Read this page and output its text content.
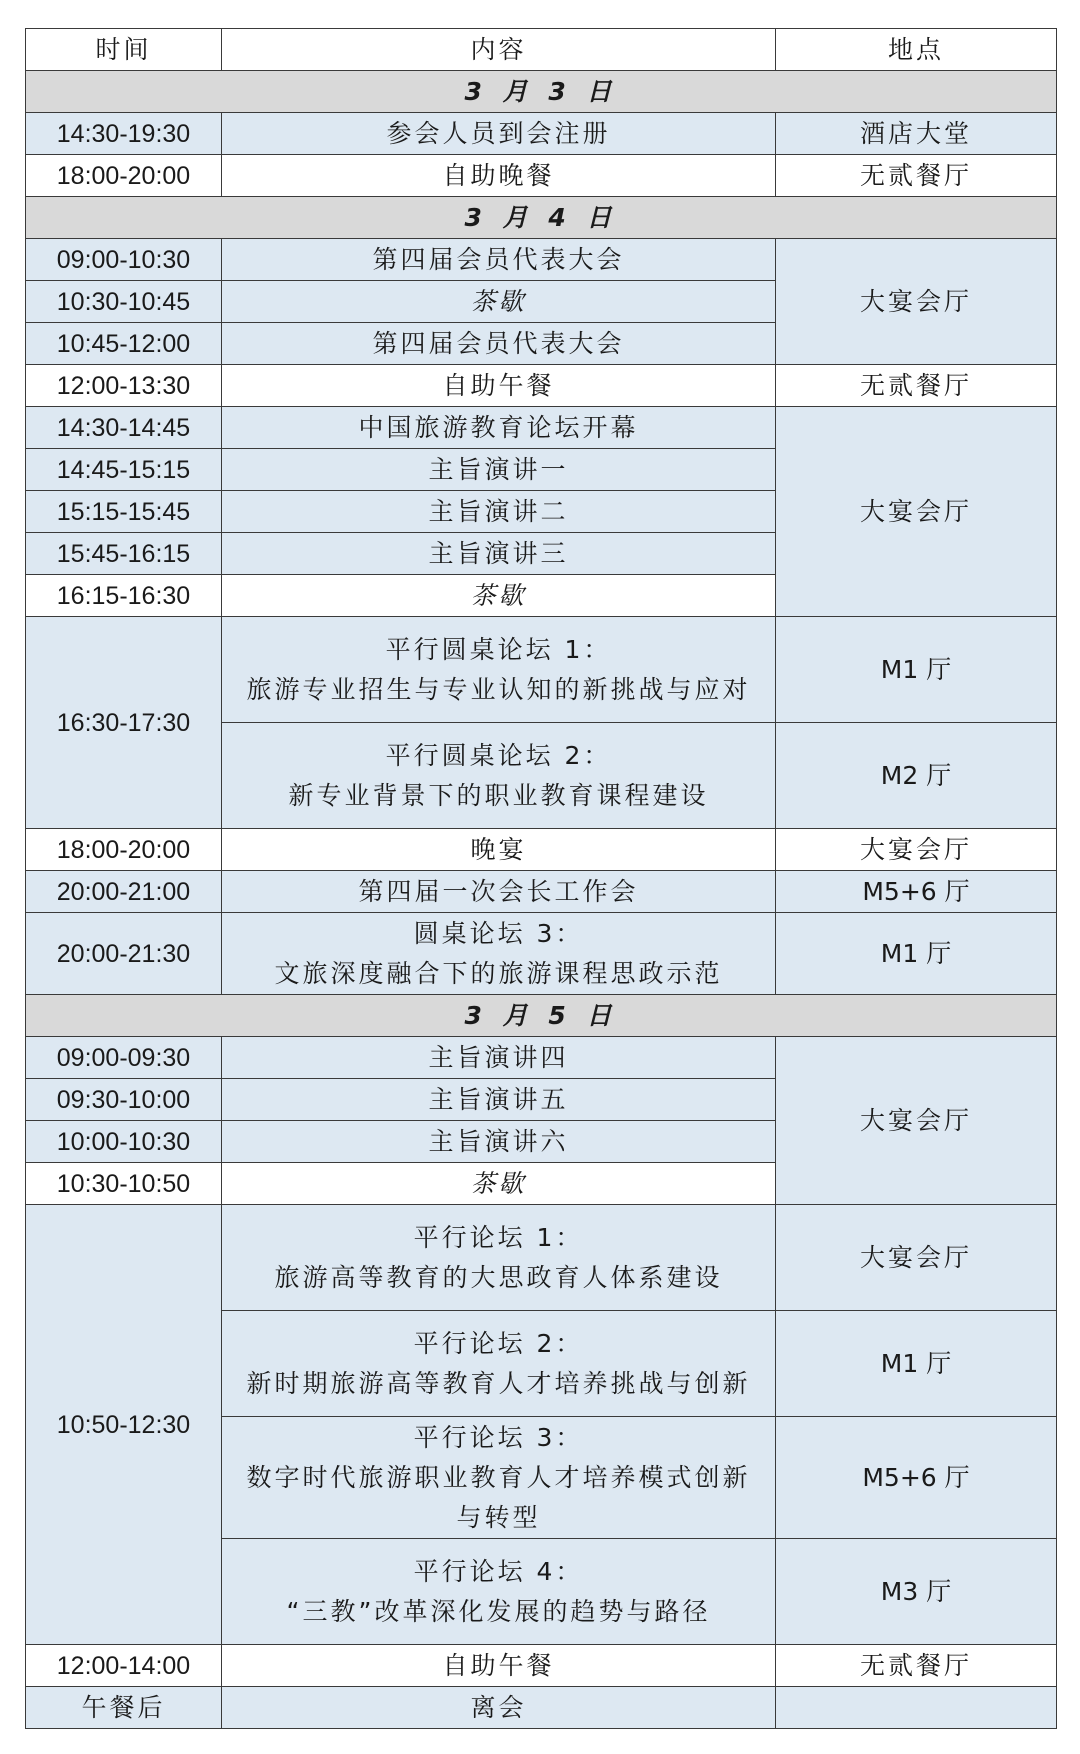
时间	内容	地点
3 月 3 日		
14:30-19:30	参会人员到会注册	酒店大堂
18:00-20:00	自助晚餐	无贰餐厅
3 月 4 日		
09:00-10:30	第四届会员代表大会	大宴会厅
10:30-10:45	茶歇	
10:45-12:00	第四届会员代表大会	
12:00-13:30	自助午餐	无贰餐厅
14:30-14:45	中国旅游教育论坛开幕	大宴会厅
14:45-15:15	主旨演讲一	
15:15-15:45	主旨演讲二	
15:45-16:15	主旨演讲三	
16:15-16:30	茶歇	
16:30-17:30	平行圆桌论坛 1：
旅游专业招生与专业认知的新挑战与应对	M1 厅

	平行圆桌论坛 2：
新专业背景下的职业教育课程建设	M2 厅
18:00-20:00	晚宴	大宴会厅
20:00-21:00	第四届一次会长工作会	M5+6 厅
20:00-21:30	圆桌论坛 3：
文旅深度融合下的旅游课程思政示范	M1 厅
3 月 5 日		
09:00-09:30	主旨演讲四	大宴会厅
09:30-10:00	主旨演讲五	
10:00-10:30	主旨演讲六	
10:30-10:50	茶歇	
10:50-12:30	平行论坛 1：
旅游高等教育的大思政育人体系建设	大宴会厅

	平行论坛 2：
新时期旅游高等教育人才培养挑战与创新	M1 厅

	平行论坛 3：
数字时代旅游职业教育人才培养模式创新
与转型	M5+6 厅

	平行论坛 4：
“三教”改革深化发展的趋势与路径	M3 厅
12:00-14:00	自助午餐	无贰餐厅
午餐后	离会	
